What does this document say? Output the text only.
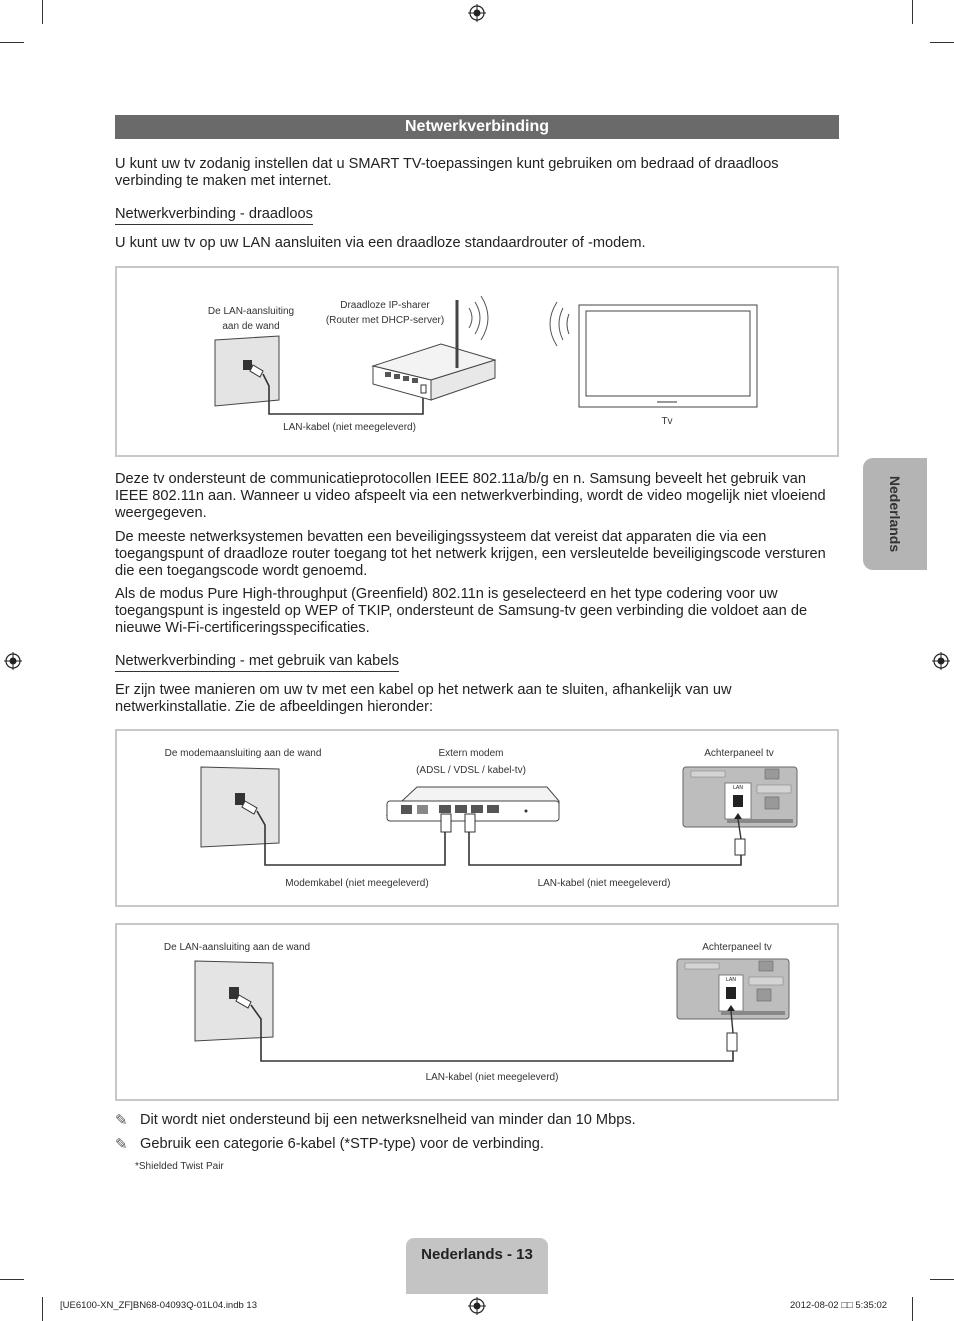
Netwerkverbinding

U kunt uw tv zodanig instellen dat u SMART TV-toepassingen kunt gebruiken om bedraad of draadloos verbinding te maken met internet.

Netwerkverbinding - draadloos

U kunt uw tv op uw LAN aansluiten via een draadloze standaardrouter of -modem.

De LAN-aansluiting
aan de wand
Draadloze IP-sharer
(Router met DHCP-server)
LAN-kabel (niet meegeleverd)
Tv

Deze tv ondersteunt de communicatieprotocollen IEEE 802.11a/b/g en n. Samsung beveelt het gebruik van IEEE 802.11n aan. Wanneer u video afspeelt via een netwerkverbinding, wordt de video mogelijk niet vloeiend weergegeven.

De meeste netwerksystemen bevatten een beveiligingssysteem dat vereist dat apparaten die via een toegangspunt of draadloze router toegang tot het netwerk krijgen, een versleutelde beveiligingscode versturen die een toegangscode wordt genoemd.

Als de modus Pure High-throughput (Greenfield) 802.11n is geselecteerd en het type codering voor uw toegangspunt is ingesteld op WEP of TKIP, ondersteunt de Samsung-tv geen verbinding die voldoet aan de nieuwe Wi-Fi-certificeringsspecificaties.

Netwerkverbinding - met gebruik van kabels

Er zijn twee manieren om uw tv met een kabel op het netwerk aan te sluiten, afhankelijk van uw netwerkinstallatie. Zie de afbeeldingen hieronder:

De modemaansluiting aan de wand	Extern modem
(ADSL / VDSL / kabel-tv)
Achterpaneel tv
Modemkabel (niet meegeleverd)	LAN-kabel (niet meegeleverd)
LAN
De LAN-aansluiting aan de wand	Achterpaneel tv
LAN-kabel (niet meegeleverd)
LAN
✎ Dit wordt niet ondersteund bij een netwerksnelheid van minder dan 10 Mbps.
✎ Gebruik een categorie 6-kabel (*STP-type) voor de verbinding.
*Shielded Twist Pair
Nederlands
Nederlands - 13
[UE6100-XN_ZF]BN68-04093Q-01L04.indb 13	2012-08-02 □□ 5:35:02
